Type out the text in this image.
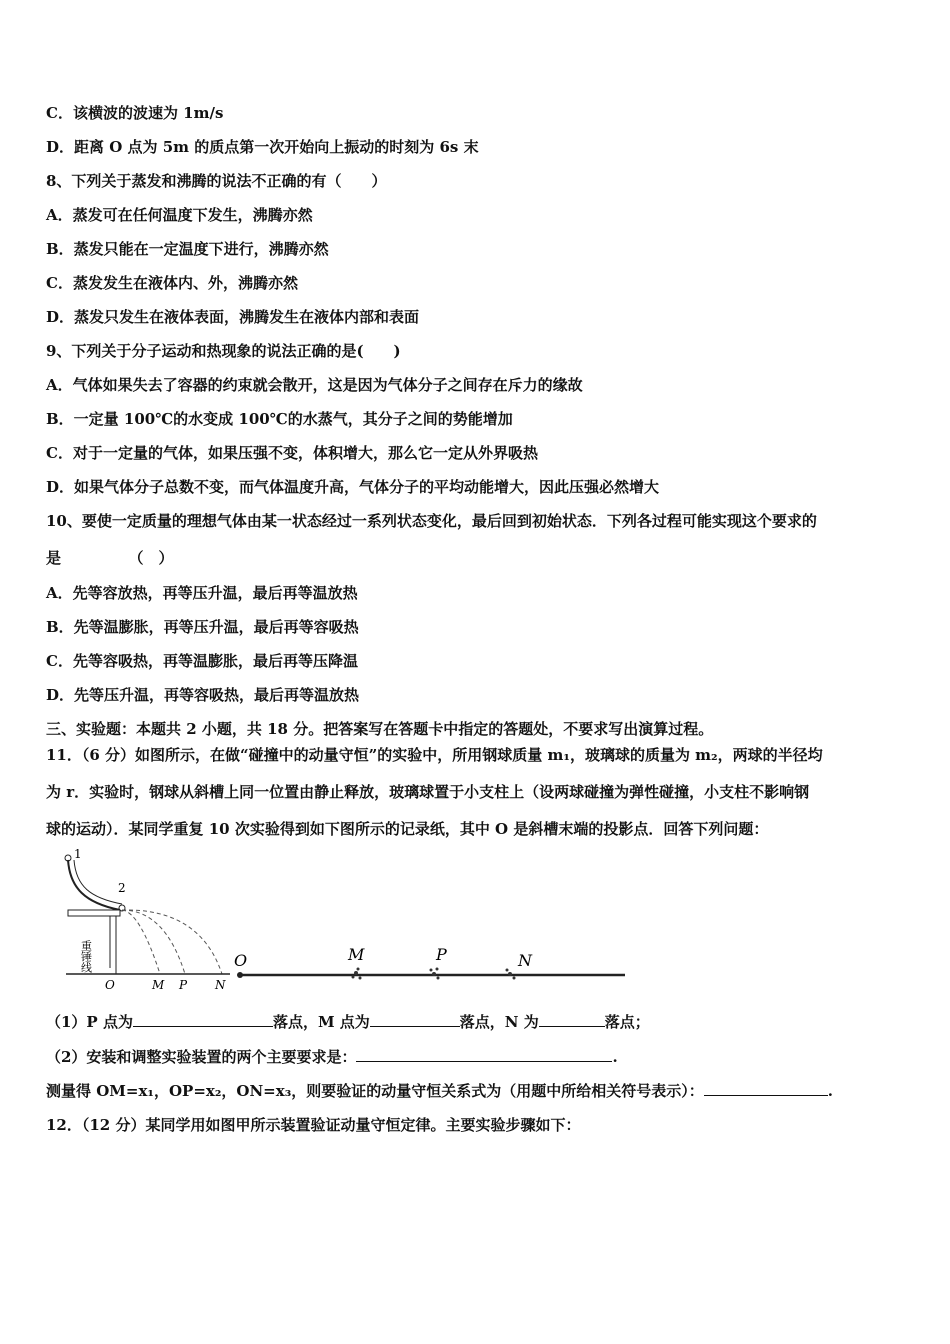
C．该横波的波速为 1m/s
D．距离 O 点为 5m 的质点第一次开始向上振动的时刻为 6s 末
8、下列关于蒸发和沸腾的说法不正确的有（　　）
A．蒸发可在任何温度下发生，沸腾亦然
B．蒸发只能在一定温度下进行，沸腾亦然
C．蒸发发生在液体内、外，沸腾亦然
D．蒸发只发生在液体表面，沸腾发生在液体内部和表面
9、下列关于分子运动和热现象的说法正确的是(　　)
A．气体如果失去了容器的约束就会散开，这是因为气体分子之间存在斥力的缘故
B．一定量 100℃的水变成 100℃的水蒸气，其分子之间的势能增加
C．对于一定量的气体，如果压强不变，体积增大，那么它一定从外界吸热
D．如果气体分子总数不变，而气体温度升高，气体分子的平均动能增大，因此压强必然增大
10、要使一定质量的理想气体由某一状态经过一系列状态变化，最后回到初始状态．下列各过程可能实现这个要求的
是　　　　　（　）
A．先等容放热，再等压升温，最后再等温放热
B．先等温膨胀，再等压升温，最后再等容吸热
C．先等容吸热，再等温膨胀，最后再等压降温
D．先等压升温，再等容吸热，最后再等温放热
三、实验题：本题共 2 小题，共 18 分。把答案写在答题卡中指定的答题处，不要求写出演算过程。
11．（6 分）如图所示，在做“碰撞中的动量守恒”的实验中，所用钢球质量 m₁，玻璃球的质量为 m₂，两球的半径均
为 r．实验时，钢球从斜槽上同一位置由静止释放，玻璃球置于小支柱上（设两球碰撞为弹性碰撞，小支柱不影响钢
球的运动）．某同学重复 10 次实验得到如下图所示的记录纸，其中 O 是斜槽末端的投影点．回答下列问题：
1
2
重锤线
O	M P N
O	M	P	N
（1）P 点为	落点，M 点为	落点，N 为	落点；
（2）安装和调整实验装置的两个主要要求是：	.
测量得 OM=x₁，OP=x₂，ON=x₃，则要验证的动量守恒关系式为（用题中所给相关符号表示）：	.
12．（12 分）某同学用如图甲所示装置验证动量守恒定律。主要实验步骤如下：
